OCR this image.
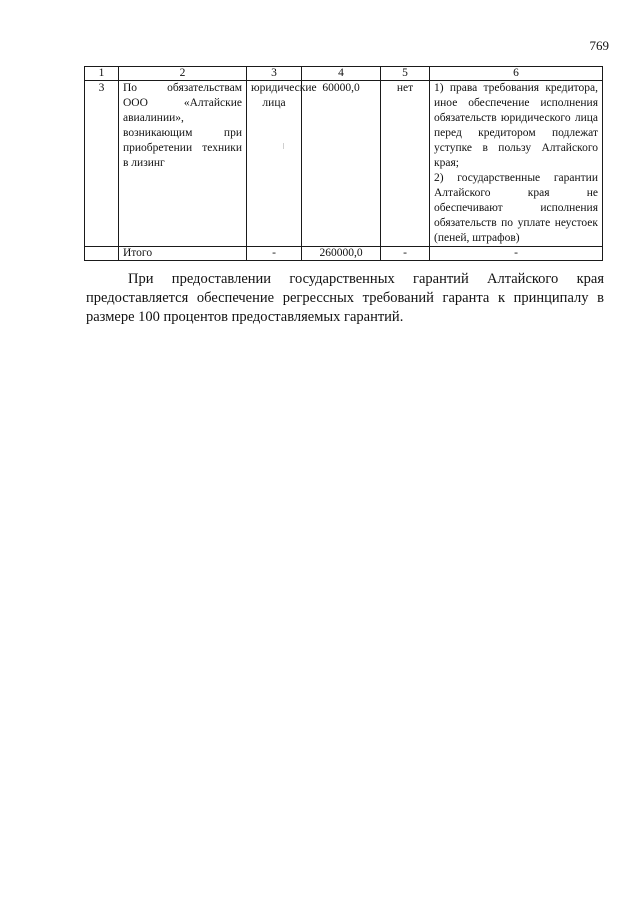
769
1	2	3	4	5	6
3	По обязательствам ООО «Алтайские авиалинии», возникающим при приобретении техники в лизинг	юридические лица	60000,0	нет	1) права требования кредитора, иное обеспечение исполнения обязательств юридического лица перед кредитором подлежат уступке в пользу Алтайского края;
2) государственные гарантии Алтайского края не обеспечивают исполнения обязательств по уплате неустоек (пеней, штрафов)

	Итого	-	260000,0	-	-

При предоставлении государственных гарантий Алтайского края предоставляется обеспечение регрессных требований гаранта к принципалу в размере 100 процентов предоставляемых гарантий.
